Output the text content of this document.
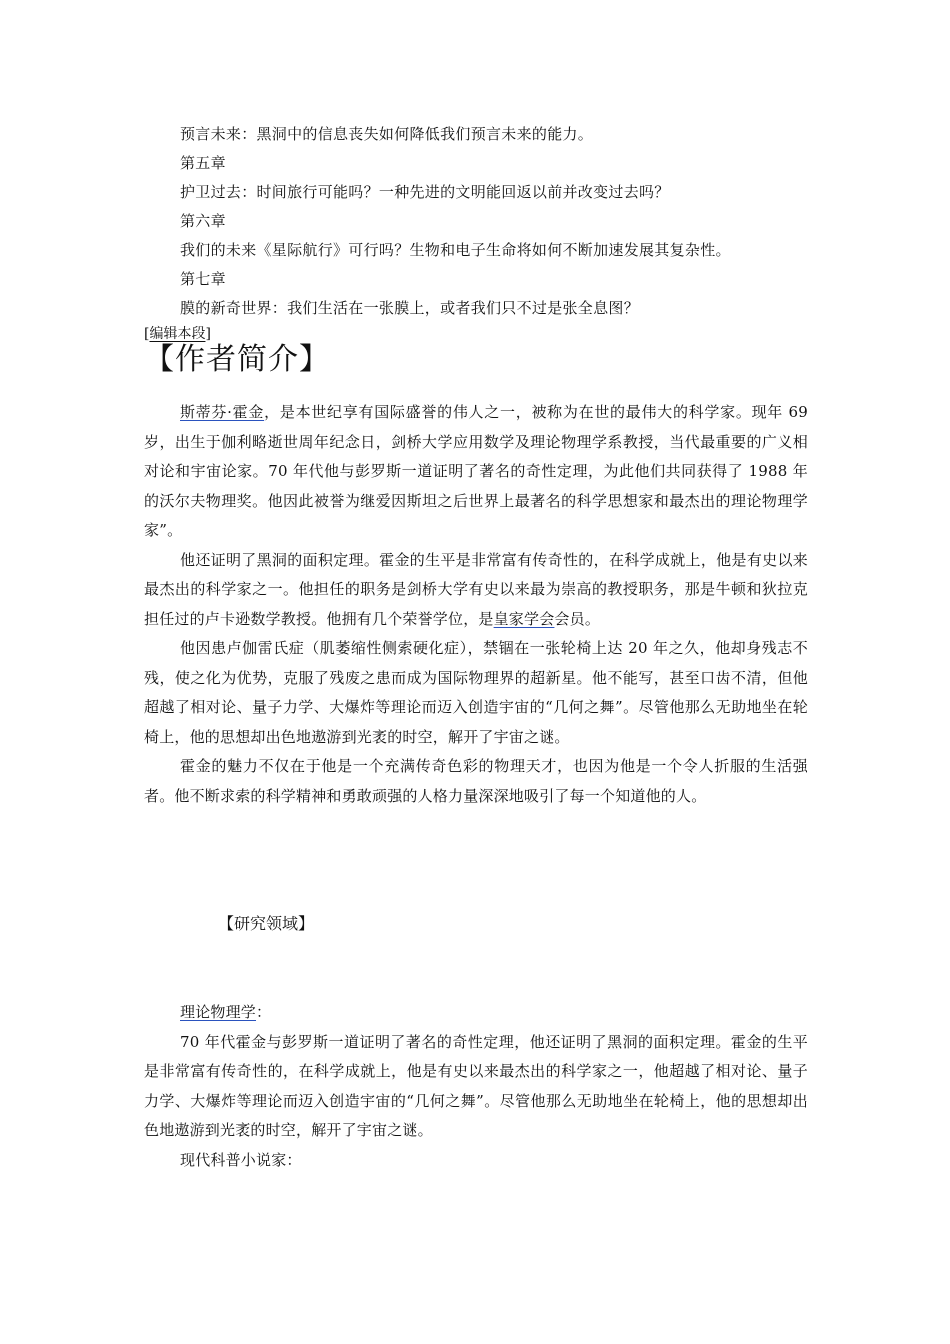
预言未来：黑洞中的信息丧失如何降低我们预言未来的能力。
第五章
护卫过去：时间旅行可能吗？一种先进的文明能回返以前并改变过去吗？
第六章
我们的未来《星际航行》可行吗？生物和电子生命将如何不断加速发展其复杂性。
第七章
膜的新奇世界：我们生活在一张膜上，或者我们只不过是张全息图？
[编辑本段]
【作者简介】

斯蒂芬·霍金，是本世纪享有国际盛誉的伟人之一，被称为在世的最伟大的科学家。现年 69 岁，出生于伽利略逝世周年纪念日，剑桥大学应用数学及理论物理学系教授，当代最重要的广义相对论和宇宙论家。70 年代他与彭罗斯一道证明了著名的奇性定理，为此他们共同获得了 1988 年的沃尔夫物理奖。他因此被誉为继爱因斯坦之后世界上最著名的科学思想家和最杰出的理论物理学家”。

他还证明了黑洞的面积定理。霍金的生平是非常富有传奇性的，在科学成就上，他是有史以来最杰出的科学家之一。他担任的职务是剑桥大学有史以来最为崇高的教授职务，那是牛顿和狄拉克担任过的卢卡逊数学教授。他拥有几个荣誉学位，是皇家学会会员。

他因患卢伽雷氏症（肌萎缩性侧索硬化症），禁锢在一张轮椅上达 20 年之久，他却身残志不残，使之化为优势，克服了残废之患而成为国际物理界的超新星。他不能写，甚至口齿不清，但他超越了相对论、量子力学、大爆炸等理论而迈入创造宇宙的“几何之舞”。尽管他那么无助地坐在轮椅上，他的思想却出色地遨游到光袤的时空，解开了宇宙之谜。

霍金的魅力不仅在于他是一个充满传奇色彩的物理天才，也因为他是一个令人折服的生活强者。他不断求索的科学精神和勇敢顽强的人格力量深深地吸引了每一个知道他的人。

【研究领域】

理论物理学：

70 年代霍金与彭罗斯一道证明了著名的奇性定理，他还证明了黑洞的面积定理。霍金的生平是非常富有传奇性的，在科学成就上，他是有史以来最杰出的科学家之一，他超越了相对论、量子力学、大爆炸等理论而迈入创造宇宙的“几何之舞”。尽管他那么无助地坐在轮椅上，他的思想却出色地遨游到光袤的时空，解开了宇宙之谜。

现代科普小说家：
